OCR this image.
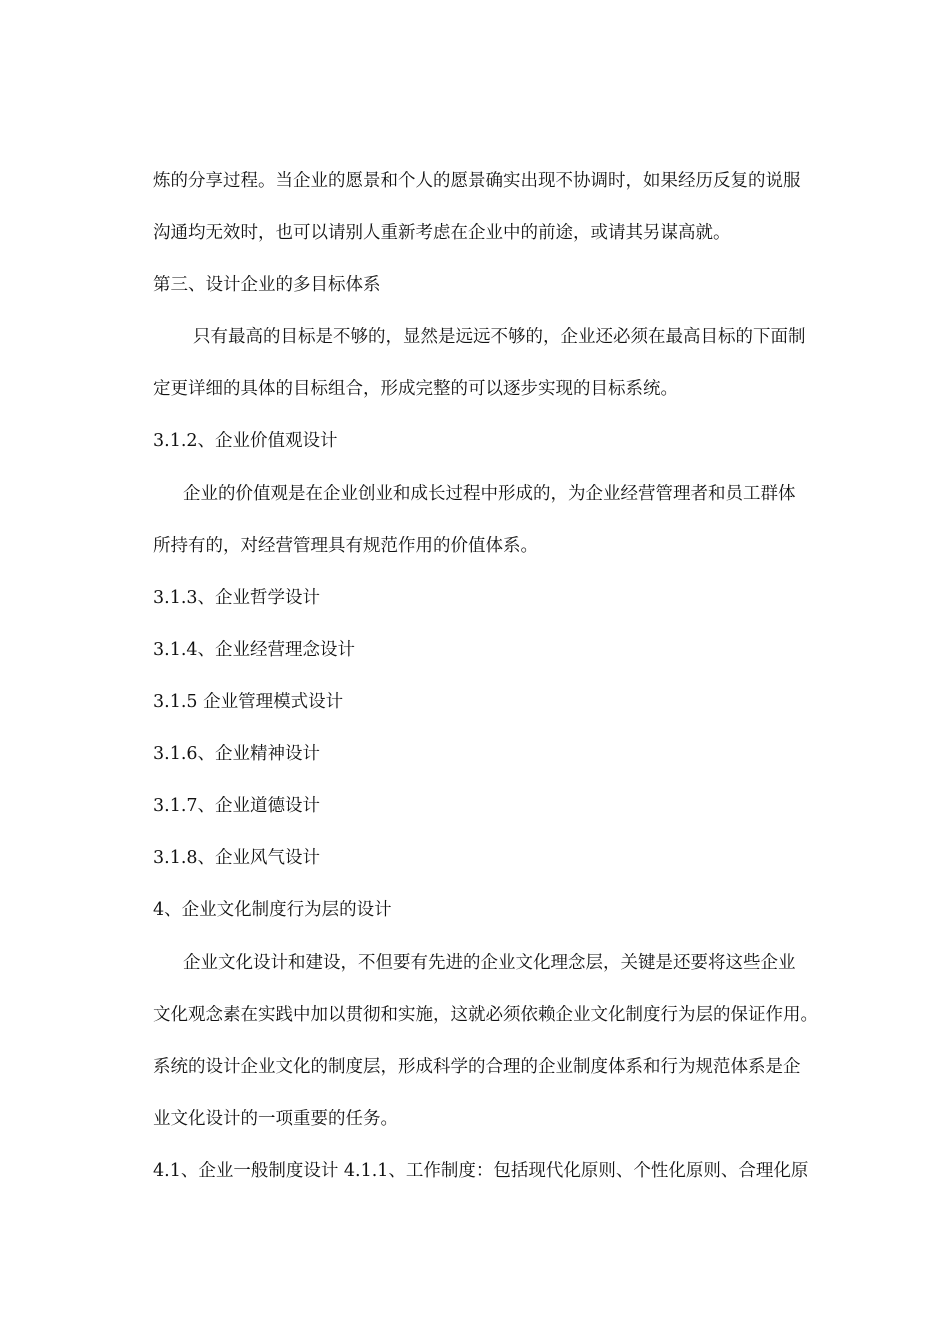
炼的分享过程。当企业的愿景和个人的愿景确实出现不协调时，如果经历反复的说服
沟通均无效时，也可以请别人重新考虑在企业中的前途，或请其另谋高就。
第三、设计企业的多目标体系
只有最高的目标是不够的，显然是远远不够的，企业还必须在最高目标的下面制
定更详细的具体的目标组合，形成完整的可以逐步实现的目标系统。
3.1.2、企业价值观设计
企业的价值观是在企业创业和成长过程中形成的，为企业经营管理者和员工群体
所持有的，对经营管理具有规范作用的价值体系。
3.1.3、企业哲学设计
3.1.4、企业经营理念设计
3.1.5 企业管理模式设计
3.1.6、企业精神设计
3.1.7、企业道德设计
3.1.8、企业风气设计
4、企业文化制度行为层的设计
企业文化设计和建设，不但要有先进的企业文化理念层，关键是还要将这些企业
文化观念素在实践中加以贯彻和实施，这就必须依赖企业文化制度行为层的保证作用。
系统的设计企业文化的制度层，形成科学的合理的企业制度体系和行为规范体系是企
业文化设计的一项重要的任务。
4.1、企业一般制度设计 4.1.1、工作制度：包括现代化原则、个性化原则、合理化原
